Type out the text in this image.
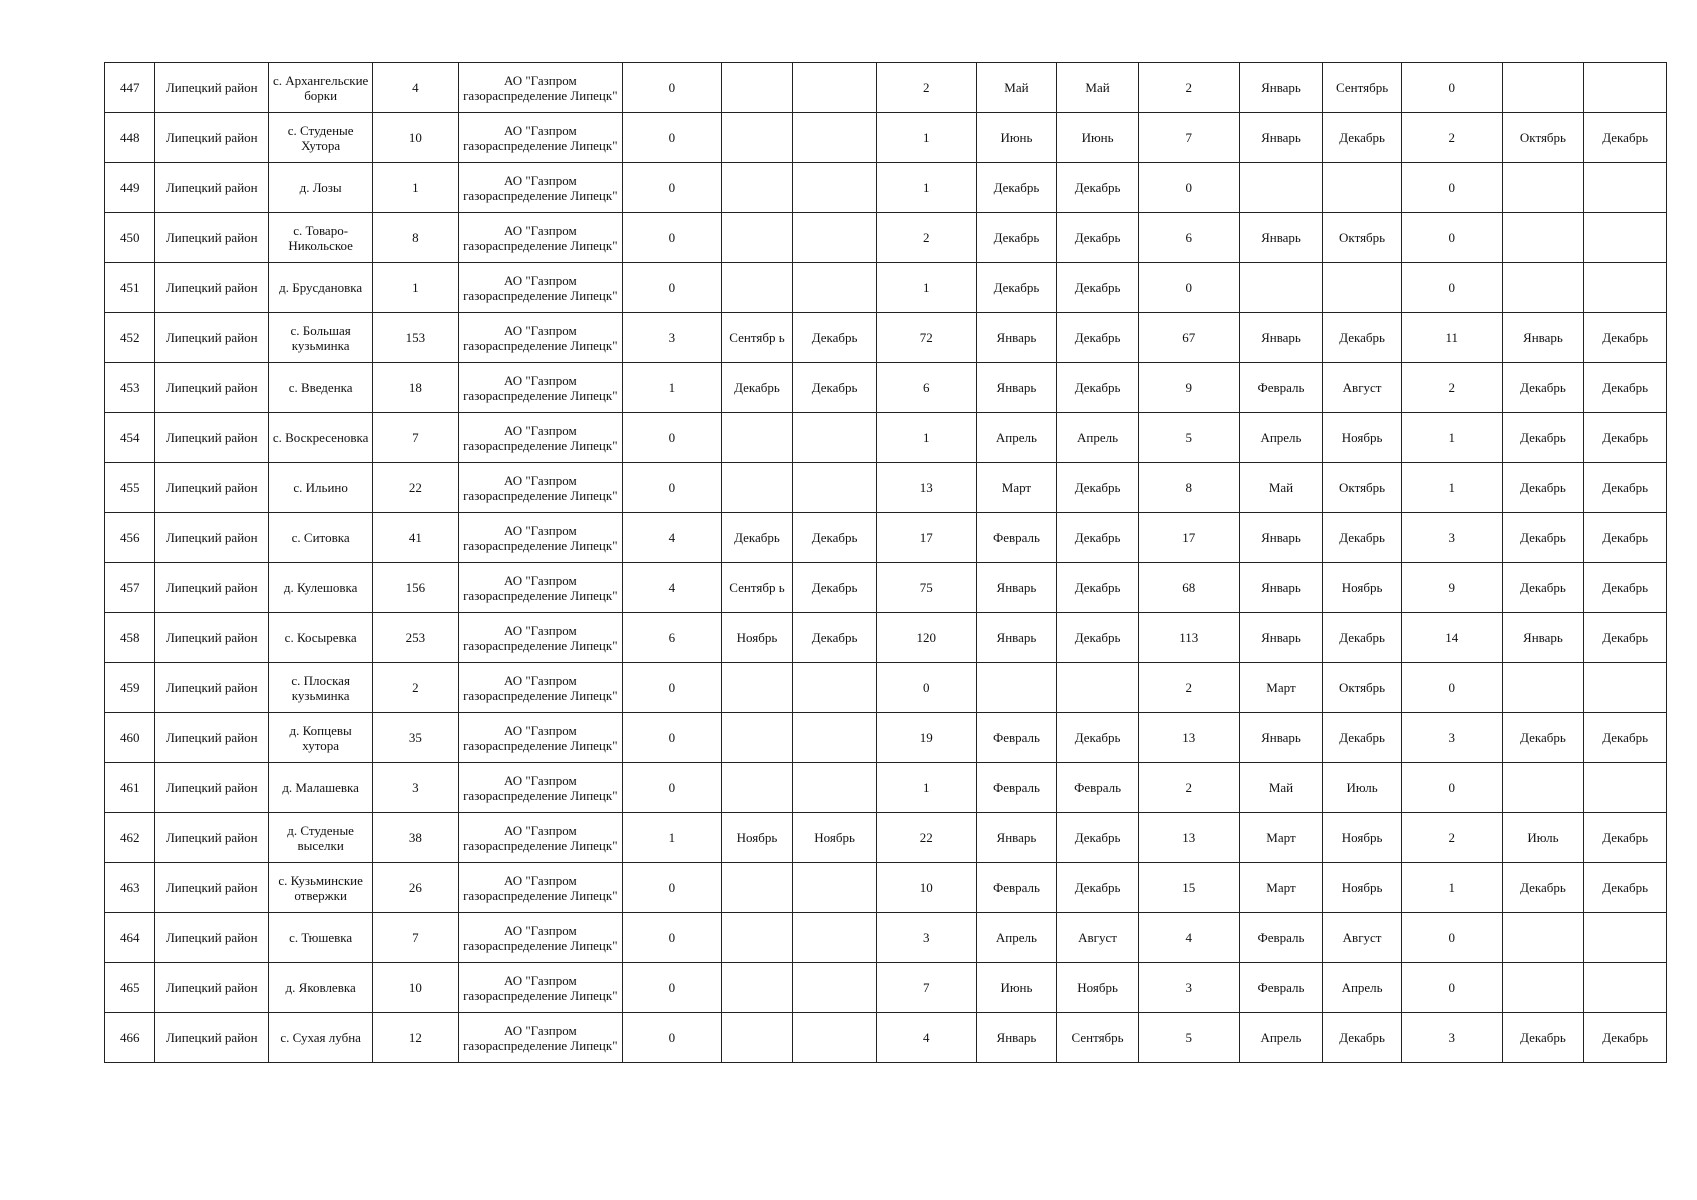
447	Липецкий район	с. Архангельские борки	4	АО "Газпром газораспределение Липецк"	0			2	Май	Май	2	Январь	Сентябрь	0		
448	Липецкий район	с. Студеные Хутора	10	АО "Газпром газораспределение Липецк"	0			1	Июнь	Июнь	7	Январь	Декабрь	2	Октябрь	Декабрь
449	Липецкий район	д. Лозы	1	АО "Газпром газораспределение Липецк"	0			1	Декабрь	Декабрь	0			0		
450	Липецкий район	с. Товаро-Никольское	8	АО "Газпром газораспределение Липецк"	0			2	Декабрь	Декабрь	6	Январь	Октябрь	0		
451	Липецкий район	д. Брусдановка	1	АО "Газпром газораспределение Липецк"	0			1	Декабрь	Декабрь	0			0		
452	Липецкий район	с. Большая кузьминка	153	АО "Газпром газораспределение Липецк"	3	Сентябр ь	Декабрь	72	Январь	Декабрь	67	Январь	Декабрь	11	Январь	Декабрь
453	Липецкий район	с. Введенка	18	АО "Газпром газораспределение Липецк"	1	Декабрь	Декабрь	6	Январь	Декабрь	9	Февраль	Август	2	Декабрь	Декабрь
454	Липецкий район	с. Воскресеновка	7	АО "Газпром газораспределение Липецк"	0			1	Апрель	Апрель	5	Апрель	Ноябрь	1	Декабрь	Декабрь
455	Липецкий район	с. Ильино	22	АО "Газпром газораспределение Липецк"	0			13	Март	Декабрь	8	Май	Октябрь	1	Декабрь	Декабрь
456	Липецкий район	с. Ситовка	41	АО "Газпром газораспределение Липецк"	4	Декабрь	Декабрь	17	Февраль	Декабрь	17	Январь	Декабрь	3	Декабрь	Декабрь
457	Липецкий район	д. Кулешовка	156	АО "Газпром газораспределение Липецк"	4	Сентябр ь	Декабрь	75	Январь	Декабрь	68	Январь	Ноябрь	9	Декабрь	Декабрь
458	Липецкий район	с. Косыревка	253	АО "Газпром газораспределение Липецк"	6	Ноябрь	Декабрь	120	Январь	Декабрь	113	Январь	Декабрь	14	Январь	Декабрь
459	Липецкий район	с. Плоская кузьминка	2	АО "Газпром газораспределение Липецк"	0			0			2	Март	Октябрь	0		
460	Липецкий район	д. Копцевы хутора	35	АО "Газпром газораспределение Липецк"	0			19	Февраль	Декабрь	13	Январь	Декабрь	3	Декабрь	Декабрь
461	Липецкий район	д. Малашевка	3	АО "Газпром газораспределение Липецк"	0			1	Февраль	Февраль	2	Май	Июль	0		
462	Липецкий район	д. Студеные выселки	38	АО "Газпром газораспределение Липецк"	1	Ноябрь	Ноябрь	22	Январь	Декабрь	13	Март	Ноябрь	2	Июль	Декабрь
463	Липецкий район	с. Кузьминские отвержки	26	АО "Газпром газораспределение Липецк"	0			10	Февраль	Декабрь	15	Март	Ноябрь	1	Декабрь	Декабрь
464	Липецкий район	с. Тюшевка	7	АО "Газпром газораспределение Липецк"	0			3	Апрель	Август	4	Февраль	Август	0		
465	Липецкий район	д. Яковлевка	10	АО "Газпром газораспределение Липецк"	0			7	Июнь	Ноябрь	3	Февраль	Апрель	0		
466	Липецкий район	с. Сухая лубна	12	АО "Газпром газораспределение Липецк"	0			4	Январь	Сентябрь	5	Апрель	Декабрь	3	Декабрь	Декабрь
